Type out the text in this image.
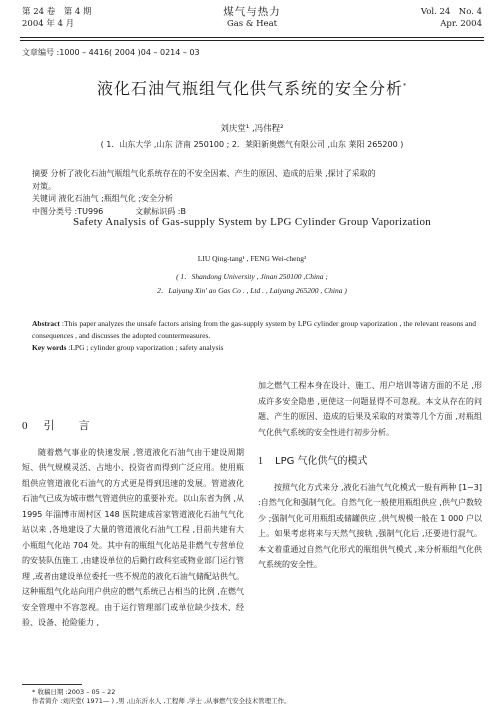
第 24 卷　第 4 期
2004 年 4 月
煤气与热力
Gas & Heat
Vol. 24　No. 4
Apr. 2004
文章编号 :1000 – 4416( 2004 )04 – 0214 – 03
液化石油气瓶组气化供气系统的安全分析*
刘庆堂¹ ,冯伟程²
( 1．山东大学 ,山东 济南 250100 ; 2．莱阳新奥燃气有限公司 ,山东 莱阳 265200 )
摘要 分析了液化石油气瓶组气化系统存在的不安全因素、产生的原因、造成的后果 ,探讨了采取的
对策。
关键词 液化石油气 ;瓶组气化 ;安全分析
中图分类号 :TU996	文献标识码 :B
Safety Analysis of Gas-supply System by LPG Cylinder Group Vaporization
LIU Qing-tang¹ , FENG Wei-cheng²
( 1．Shandong University , Jinan 250100 ,China ;
2．Laiyang Xin' ao Gas Co . , Ltd . , Laiyang 265200 , China )
Abstract :This paper analyzes the unsafe factors arising from the gas-supply system by LPG cylinder group vaporization , the relevant reasons and consequences , and discusses the adopted countermeasures.
Key words :LPG ; cylinder group vaporization ; safety analysis
0 引言

随着燃气事业的快速发展 ,管道液化石油气由于建设周期短、供气规模灵活、占地小、投资省而得到广泛应用。使用瓶组供应管道液化石油气的方式更是得到迅速的发展。管道液化石油气已成为城市燃气管道供应的重要补充。以山东省为例 ,从 1995 年淄博市周村区 148 医院建成首家管道液化石油气气化站以来 ,各地建设了大量的管道液化石油气工程 ,目前共建有大小瓶组气化站 704 处。其中有的瓶组气化站是非燃气专营单位的安装队伍施工 ,由建设单位的后勤行政科室或物业部门运行管理 ,或者由建设单位委托一些不规范的液化石油气储配站供气。这种瓶组气化站向用户供应的燃气系统已占相当的比例 ,在燃气安全管理中不容忽视。由于运行管理部门或单位缺少技术、经验、设备、抢险能力 ,

加之燃气工程本身在设计、施工、用户培训等诸方面的不足 ,形成许多安全隐患 ,更使这一问题显得不可忽视。本文从存在的问题、产生的原因、造成的后果及采取的对策等几个方面 ,对瓶组气化供气系统的安全性进行初步分析。

1 LPG 气化供气的模式

按照气化方式来分 ,液化石油气气化模式一般有两种 [1~3] :自然气化和强制气化。自然气化一般使用瓶组供应 ,供气户数较少 ;强制气化可用瓶组或储罐供应 ,供气规模一般在 1 000 户以上。如果考虑将来与天然气接轨 ,强制气化后 ,还要进行混气。本文着重通过自然气化形式的瓶组供气模式 ,来分析瓶组气化供气系统的安全性。

* 收稿日期 :2003 – 05 – 22
作者简介 :刘庆堂( 1971— ) ,男 ,山东沂水人 ,工程师 ,学士 ,从事燃气安全技术管理工作。
